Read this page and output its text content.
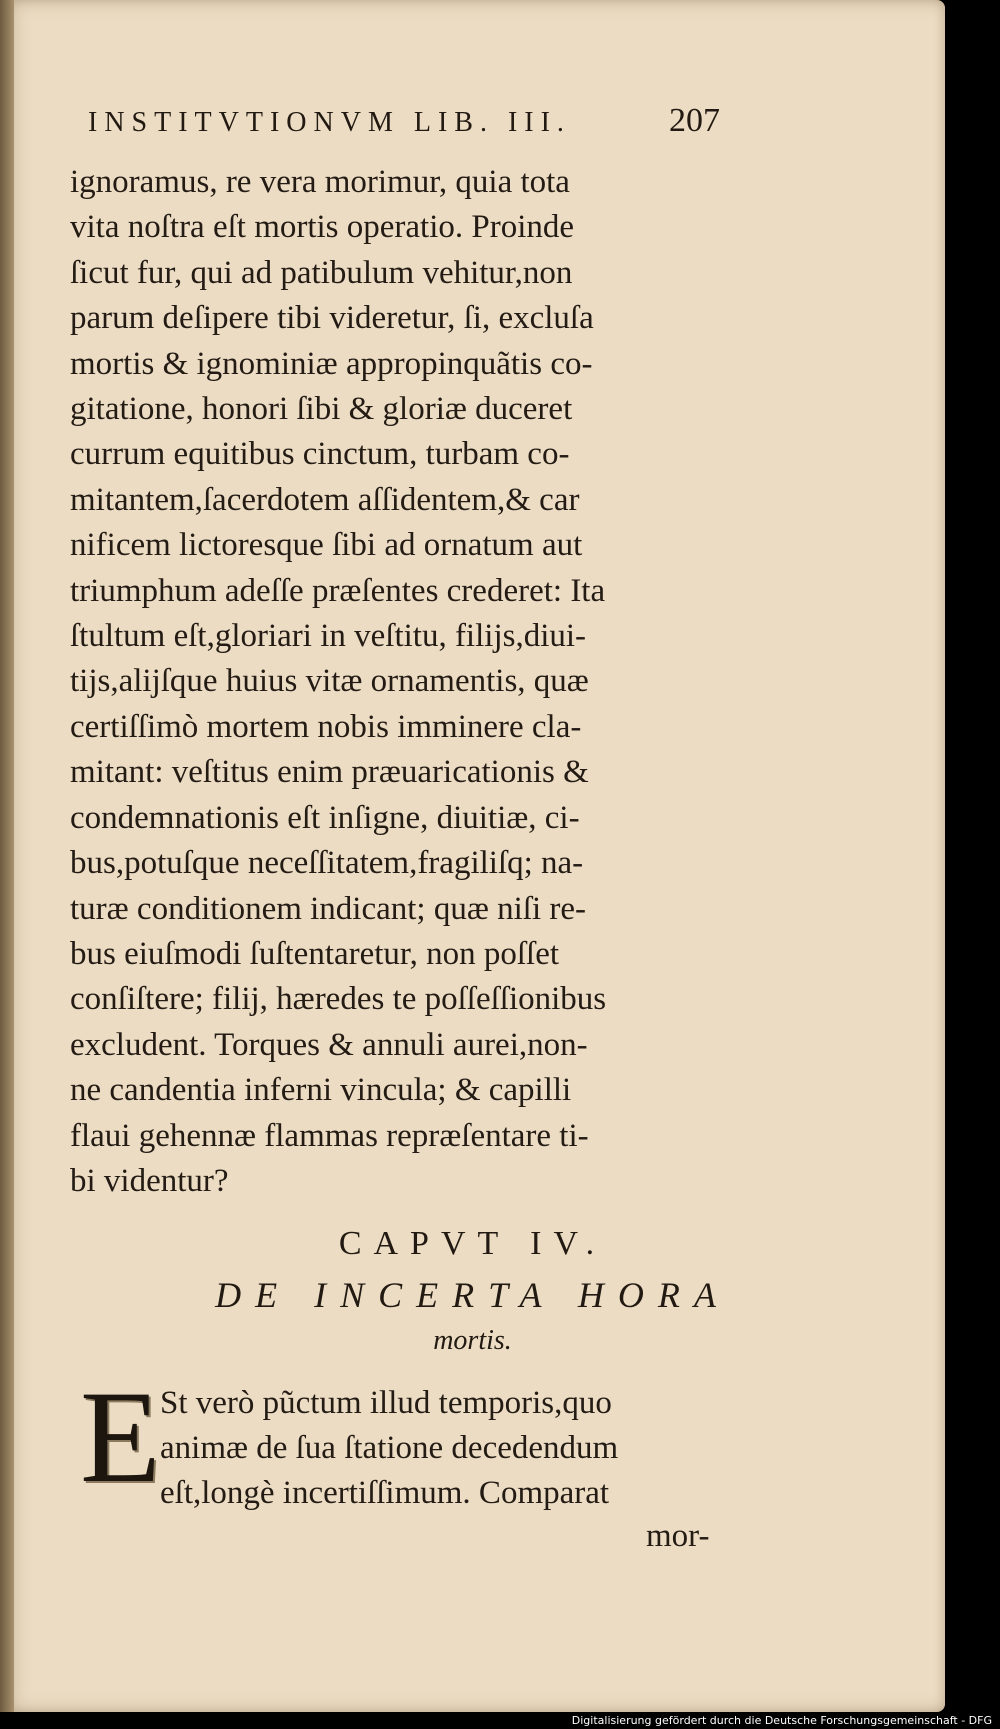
INSTITVTIONVM LIB. III.	207

ignoramus, re vera morimur, quia tota
vita noſtra eſt mortis operatio. Proinde
ſicut fur, qui ad patibulum vehitur,non
parum deſipere tibi videretur, ſi, excluſa
mortis & ignominiæ appropinquãtis co-
gitatione, honori ſibi & gloriæ duceret
currum equitibus cinctum, turbam co-
mitantem,ſacerdotem aſſidentem,& car
nificem lictoresque ſibi ad ornatum aut
triumphum adeſſe præſentes crederet: Ita
ſtultum eſt,gloriari in veſtitu, filijs,diui-
tijs,alijſque huius vitæ ornamentis, quæ
certiſſimò mortem nobis imminere cla-
mitant: veſtitus enim præuaricationis &
condemnationis eſt inſigne, diuitiæ, ci-
bus,potuſque neceſſitatem,fragiliſq; na-
turæ conditionem indicant; quæ niſi re-
bus eiuſmodi ſuſtentaretur, non poſſet
conſiſtere; filij, hæredes te poſſeſſionibus
excludent. Torques & annuli aurei,non-
ne candentia inferni vincula; & capilli
flaui gehennæ flammas repræſentare ti-
bi videntur?

CAPVT IV.
DE INCERTA HORA
mortis.
E St verò pũctum illud temporis,quo
animæ de ſua ſtatione decedendum
eſt,longè incertiſſimum. Comparat

mor-
Digitalisierung gefördert durch die Deutsche Forschungsgemeinschaft - DFG
